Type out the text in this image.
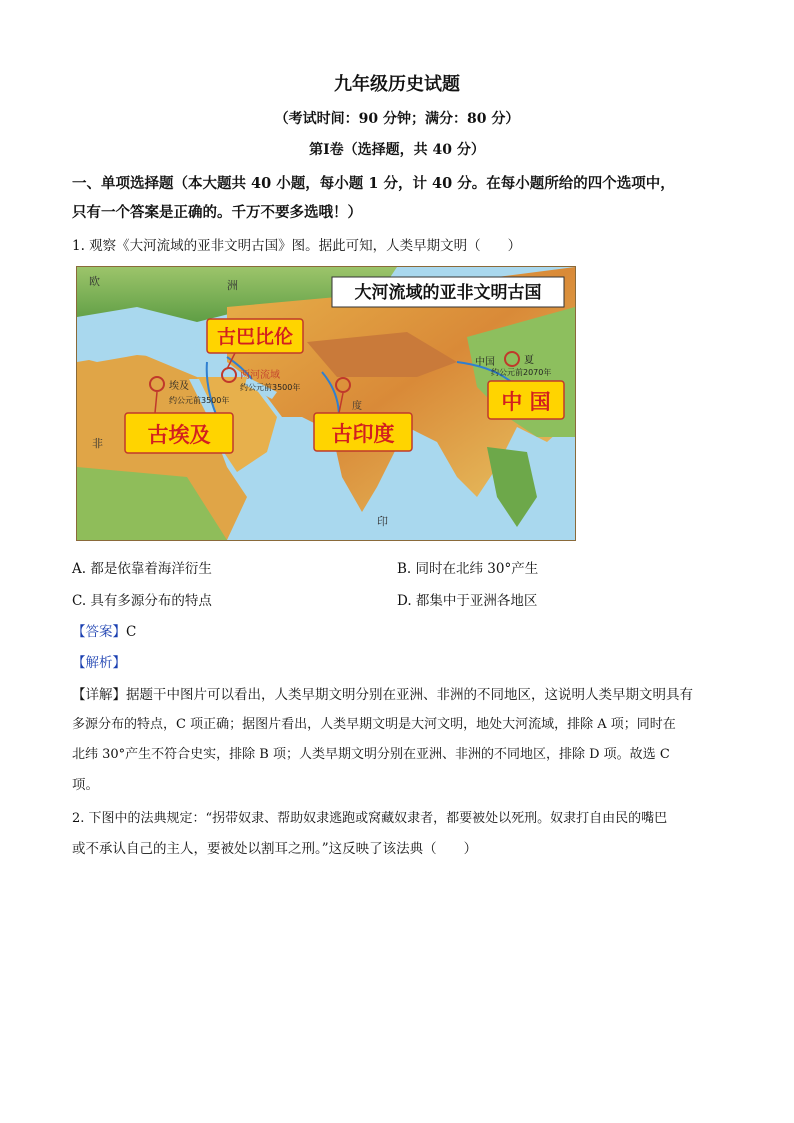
九年级历史试题
（考试时间：90 分钟；满分：80 分）
第Ⅰ卷（选择题，共 40 分）
一、单项选择题（本大题共 40 小题，每小题 1 分，计 40 分。在每小题所给的四个选项中，
只有一个答案是正确的。千万不要多选哦！）
1. 观察《大河流域的亚非文明古国》图。据此可知，人类早期文明（　　）
大河流域的亚非文明古国
欧	洲
非
印
度
埃及
约公元前3500年
两河流域
约公元前3500年
中国	夏
约公元前2070年
古巴比伦
古埃及	古印度
中 国
A. 都是依靠着海洋衍生	B. 同时在北纬 30°产生
C. 具有多源分布的特点	D. 都集中于亚洲各地区
【答案】C
【解析】
【详解】据题干中图片可以看出，人类早期文明分别在亚洲、非洲的不同地区，这说明人类早期文明具有
多源分布的特点，C 项正确；据图片看出，人类早期文明是大河文明，地处大河流域，排除 A 项；同时在
北纬 30°产生不符合史实，排除 B 项；人类早期文明分别在亚洲、非洲的不同地区，排除 D 项。故选 C
项。
2. 下图中的法典规定：“拐带奴隶、帮助奴隶逃跑或窝藏奴隶者，都要被处以死刑。奴隶打自由民的嘴巴
或不承认自己的主人，要被处以割耳之刑。”这反映了该法典（　　）
